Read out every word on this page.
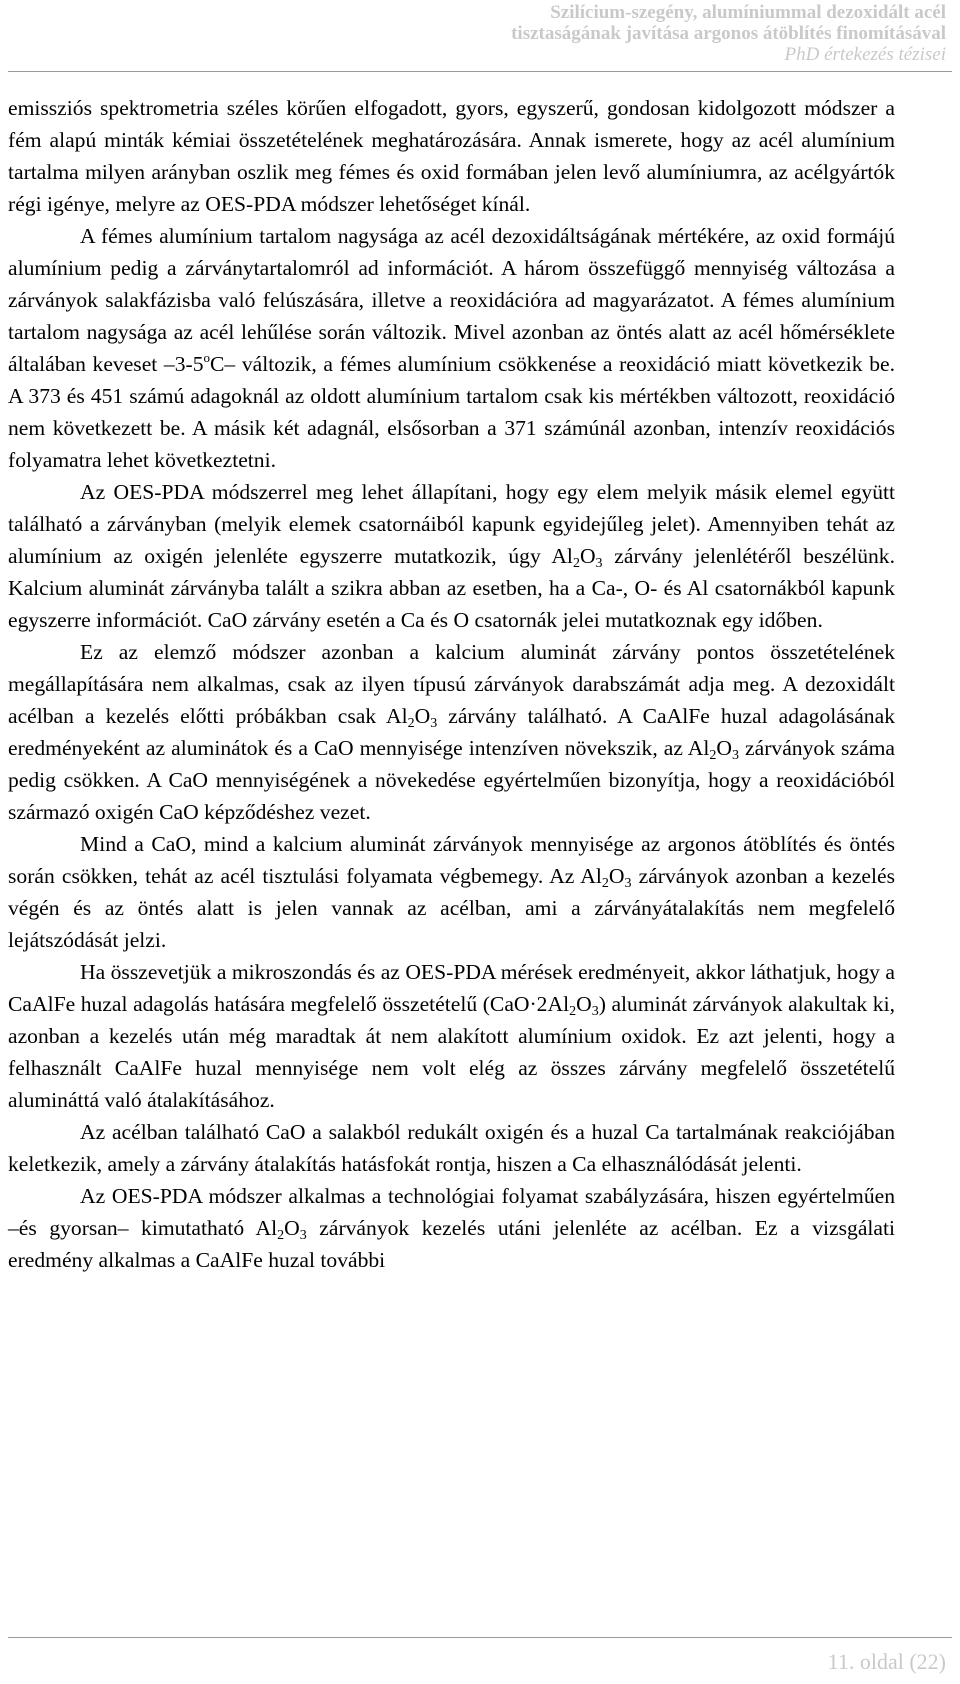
Szilícium-szegény, alumíniummal dezoxidált acél
tisztaságának javítása argonos átöblítés finomításával
PhD értekezés tézisei

emissziós spektrometria széles körűen elfogadott, gyors, egyszerű, gondosan kidolgozott módszer a fém alapú minták kémiai összetételének meghatározására. Annak ismerete, hogy az acél alumínium tartalma milyen arányban oszlik meg fémes és oxid formában jelen levő alumíniumra, az acélgyártók régi igénye, melyre az OES-PDA módszer lehetőséget kínál.

A fémes alumínium tartalom nagysága az acél dezoxidáltságának mértékére, az oxid formájú alumínium pedig a zárványtartalomról ad információt. A három összefüggő mennyiség változása a zárványok salakfázisba való felúszására, illetve a reoxidációra ad magyarázatot. A fémes alumínium tartalom nagysága az acél lehűlése során változik. Mivel azonban az öntés alatt az acél hőmérséklete általában keveset –3-5$^o$C– változik, a fémes alumínium csökkenése a reoxidáció miatt következik be. A 373 és 451 számú adagoknál az oldott alumínium tartalom csak kis mértékben változott, reoxidáció nem következett be. A másik két adagnál, elsősorban a 371 számúnál azonban, intenzív reoxidációs folyamatra lehet következtetni.

Az OES-PDA módszerrel meg lehet állapítani, hogy egy elem melyik másik elemel együtt található a zárványban (melyik elemek csatornáiból kapunk egyidejűleg jelet). Amennyiben tehát az alumínium az oxigén jelenléte egyszerre mutatkozik, úgy $Al_2O_3$ zárvány jelenlétéről beszélünk. Kalcium aluminát zárványba talált a szikra abban az esetben, ha a Ca-, O- és Al csatornákból kapunk egyszerre információt. CaO zárvány esetén a Ca és O csatornák jelei mutatkoznak egy időben.

Ez az elemző módszer azonban a kalcium aluminát zárvány pontos összetételének megállapítására nem alkalmas, csak az ilyen típusú zárványok darabszámát adja meg. A dezoxidált acélban a kezelés előtti próbákban csak $Al_2O_3$ zárvány található. A CaAlFe huzal adagolásának eredményeként az aluminátok és a CaO mennyisége intenzíven növekszik, az $Al_2O_3$ zárványok száma pedig csökken. A CaO mennyiségének a növekedése egyértelműen bizonyítja, hogy a reoxidációból származó oxigén CaO képződéshez vezet.

Mind a CaO, mind a kalcium aluminát zárványok mennyisége az argonos átöblítés és öntés során csökken, tehát az acél tisztulási folyamata végbemegy. Az $Al_2O_3$ zárványok azonban a kezelés végén és az öntés alatt is jelen vannak az acélban, ami a zárványátalakítás nem megfelelő lejátszódását jelzi.

Ha összevetjük a mikroszondás és az OES-PDA mérések eredményeit, akkor láthatjuk, hogy a CaAlFe huzal adagolás hatására megfelelő összetételű $(CaO\cdot 2Al_2O_3)$ aluminát zárványok alakultak ki, azonban a kezelés után még maradtak át nem alakított alumínium oxidok. Ez azt jelenti, hogy a felhasznált CaAlFe huzal mennyisége nem volt elég az összes zárvány megfelelő összetételű alumináttá való átalakításához.

Az acélban található CaO a salakból redukált oxigén és a huzal Ca tartalmának reakciójában keletkezik, amely a zárvány átalakítás hatásfokát rontja, hiszen a Ca elhasználódását jelenti.

Az OES-PDA módszer alkalmas a technológiai folyamat szabályzására, hiszen egyértelműen –és gyorsan– kimutatható $Al_2O_3$ zárványok kezelés utáni jelenléte az acélban. Ez a vizsgálati eredmény alkalmas a CaAlFe huzal további

11. oldal (22)
